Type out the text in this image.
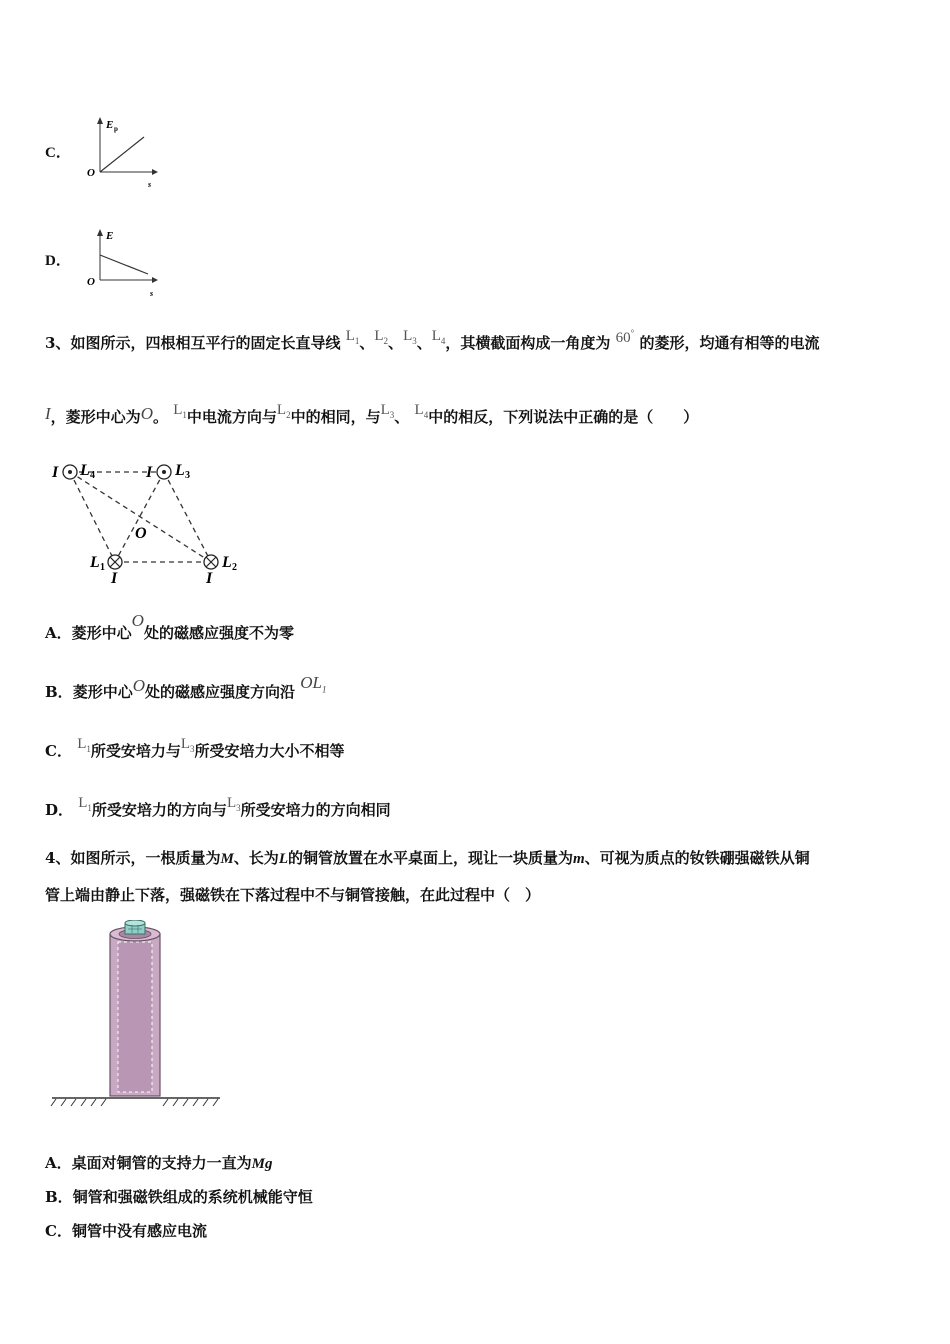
C．
E p
O
s
D．
E
O
s
3、如图所示，四根相互平行的固定长直导线 $L_1$、$L_2$、$L_3$、$L_4$，其横截面构成一角度为 60° 的菱形，均通有相等的电流
I，菱形中心为O。 $L_1$中电流方向与$L_2$中的相同，与$L_3$、 $L_4$中的相反，下列说法中正确的是（　　）
I L 4	I L 3
O
L 1
I
L 2
I
A．菱形中心O处的磁感应强度不为零
B．菱形中心O处的磁感应强度方向沿 $OL_1$
C． $L_1$所受安培力与$L_3$所受安培力大小不相等
D． $L_1$所受安培力的方向与$L_3$所受安培力的方向相同
4、如图所示，一根质量为M、长为L的铜管放置在水平桌面上，现让一块质量为m、可视为质点的钕铁硼强磁铁从铜
管上端由静止下落，强磁铁在下落过程中不与铜管接触，在此过程中（　）
A．桌面对铜管的支持力一直为Mg
B．铜管和强磁铁组成的系统机械能守恒
C．铜管中没有感应电流
